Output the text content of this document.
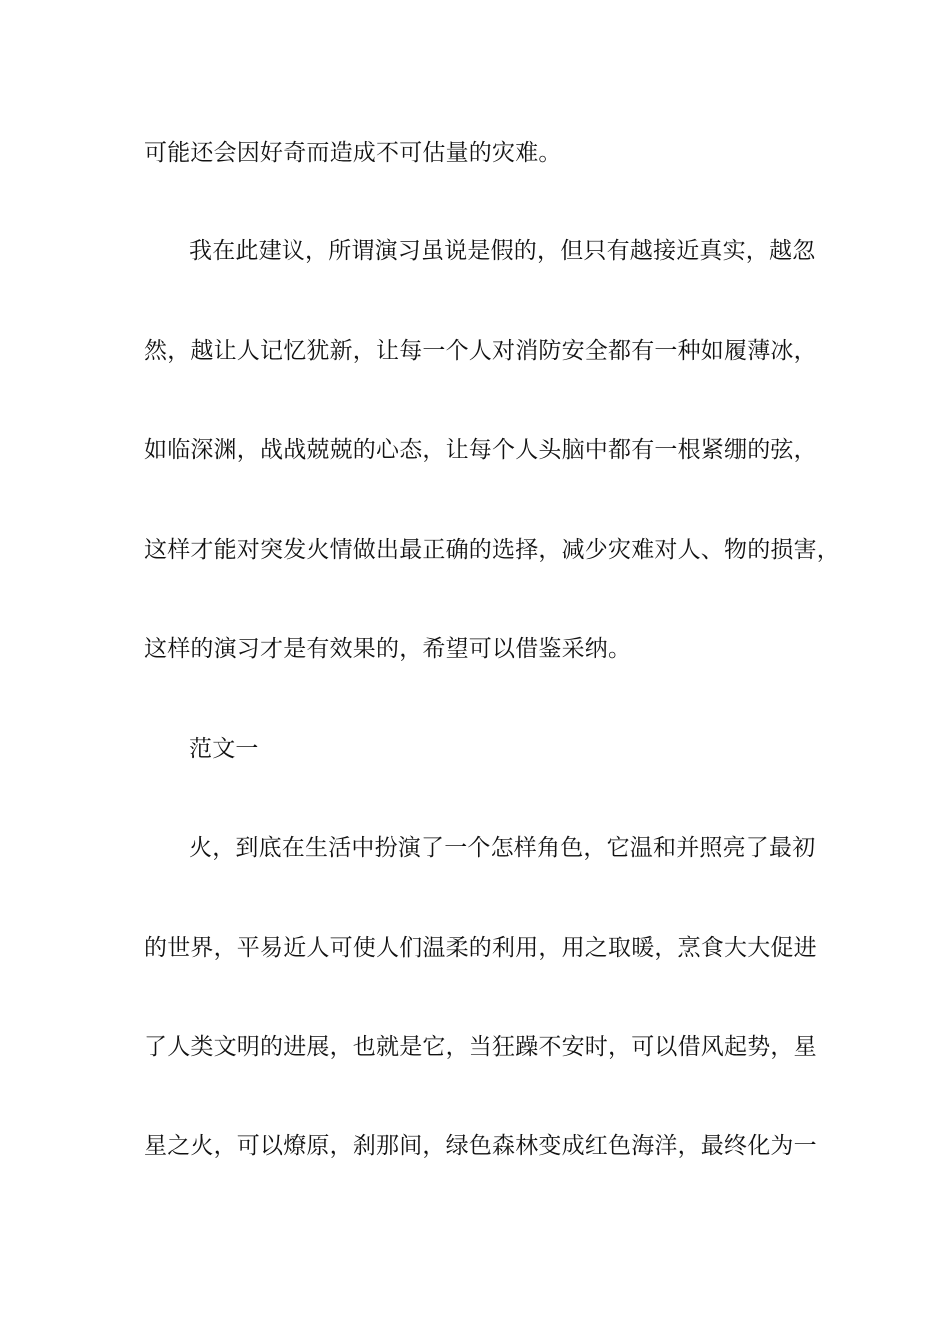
可能还会因好奇而造成不可估量的灾难。
我在此建议，所谓演习虽说是假的，但只有越接近真实，越忽
然，越让人记忆犹新，让每一个人对消防安全都有一种如履薄冰，
如临深渊，战战兢兢的心态，让每个人头脑中都有一根紧绷的弦，
这样才能对突发火情做出最正确的选择，减少灾难对人、物的损害，
这样的演习才是有效果的，希望可以借鉴采纳。
范文一
火，到底在生活中扮演了一个怎样角色，它温和并照亮了最初
的世界，平易近人可使人们温柔的利用，用之取暖，烹食大大促进
了人类文明的进展，也就是它，当狂躁不安时，可以借风起势，星
星之火，可以燎原，刹那间，绿色森林变成红色海洋，最终化为一
